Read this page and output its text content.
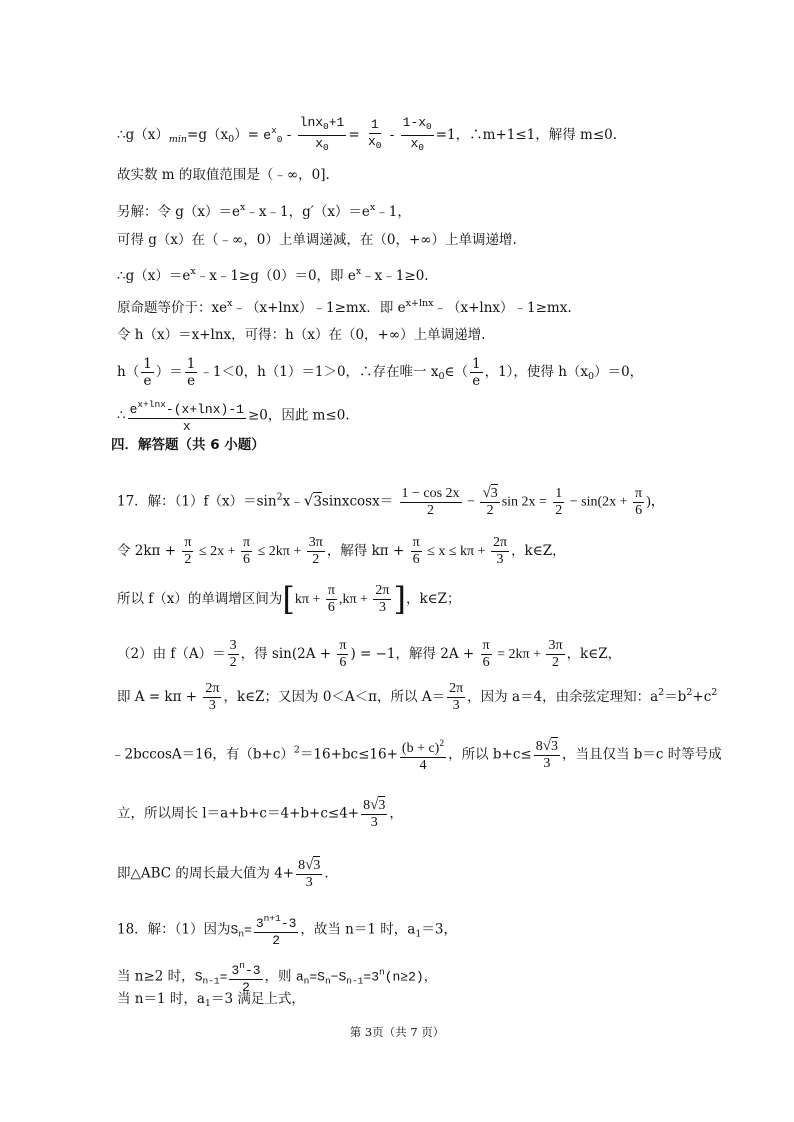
$\therefore g(x)_{min}=g(x_0)= e^x_0 - \frac{\ln x_0+1}{x_0} = \frac{1}{x_0} - \frac{1-x_0}{x_0} =1$，∴m+1≤1，解得 m≤0.
故实数 m 的取值范围是（﹣∞，0].
另解：令 $g(x)=e^x﹣x﹣1$，$g'(x)=e^x﹣1$，
可得 g（x）在（﹣∞，0）上单调递减，在（0，+∞）上单调递增.
$\therefore g(x)=e^x﹣x﹣1\ge g(0)=0$，即 $e^x﹣x﹣1\ge 0$.
原命题等价于：$xe^x﹣(x+\ln x)﹣1\ge mx$．即 $e^{x+lnx}﹣(x+\ln x)﹣1\ge mx$.
令 h（x）＝x+lnx，可得：h（x）在（0，+∞）上单调递增.
$h( \frac{1}{e}$ ）＝ $\frac{1}{e}$ ﹣1＜0，h（1）＝1＞0，∴存在唯一 $x_0\in( \frac{1}{e}$ ，1），使得 $h(x_0)=0$，
∴ $\frac{e^{x+lnx}-(x+\ln x)-1}{x} \ge 0$，因此 m≤0.
四．解答题（共 6 小题）
17．解：$(1)f(x)=\sin^2x﹣√3sinxcosx= \frac{1 - \cos 2x}{2} - \frac{√3}{2}$ $\sin 2x = \frac{1}{2} - \sin(2x + \frac{\pi}{6}$ )，
令 $2k\pi + \frac{\pi}{2} \le 2x + \frac{\pi}{6} \le 2k\pi + \frac{3\pi}{2}$ ，解得 $k\pi + \frac{\pi}{6} \le x \le k\pi + \frac{2\pi}{3}$ ，k∈Z，
所以 f（x）的单调增区间为[$k\pi + \frac{\pi}{6} ,k\pi + \frac{2\pi}{3}$ ]，k∈Z；
（2）由 $f(A)= \frac{3}{2}$ ，得 $\sin(2A + \frac{\pi}{6}$ ) = −1，解得 $2A + \frac{\pi}{6} = 2k\pi + \frac{3\pi}{2}$ ，k∈Z，
即 $A = k\pi + \frac{2\pi}{3}$ ，k∈Z；又因为 0＜A＜π，所以 $A= \frac{2\pi}{3}$ ，因为 a＝4，由余弦定理知：$a^2=b^2+c^2$
﹣2bccosA＝16，有$(b+c)^2=16+bc\le 16+ \frac{(b + c)^2}{4}$ ，所以 $b+c\le \frac{8√3}{3}$ ，当且仅当 b＝c 时等号成
立，所以周长 $l=a+b+c=4+b+c\le 4+ \frac{8√3}{3}$ ，
即△ABC 的周长最大值为 $4+ \frac{8√3}{3}$ .
18．解：（1）因为$S_n= \frac{3^{n+1}-3}{2}$ ，故当 n＝1 时，$a_1=3$，
当 n≥2 时，$S_{n-1}= \frac{3^n-3}{2}$ ，则 $a_n=S_n-S_{n-1}=3^n(n\ge 2)$，
当 n＝1 时，$a_1=3$ 满足上式，
第 3页（共 7 页）
